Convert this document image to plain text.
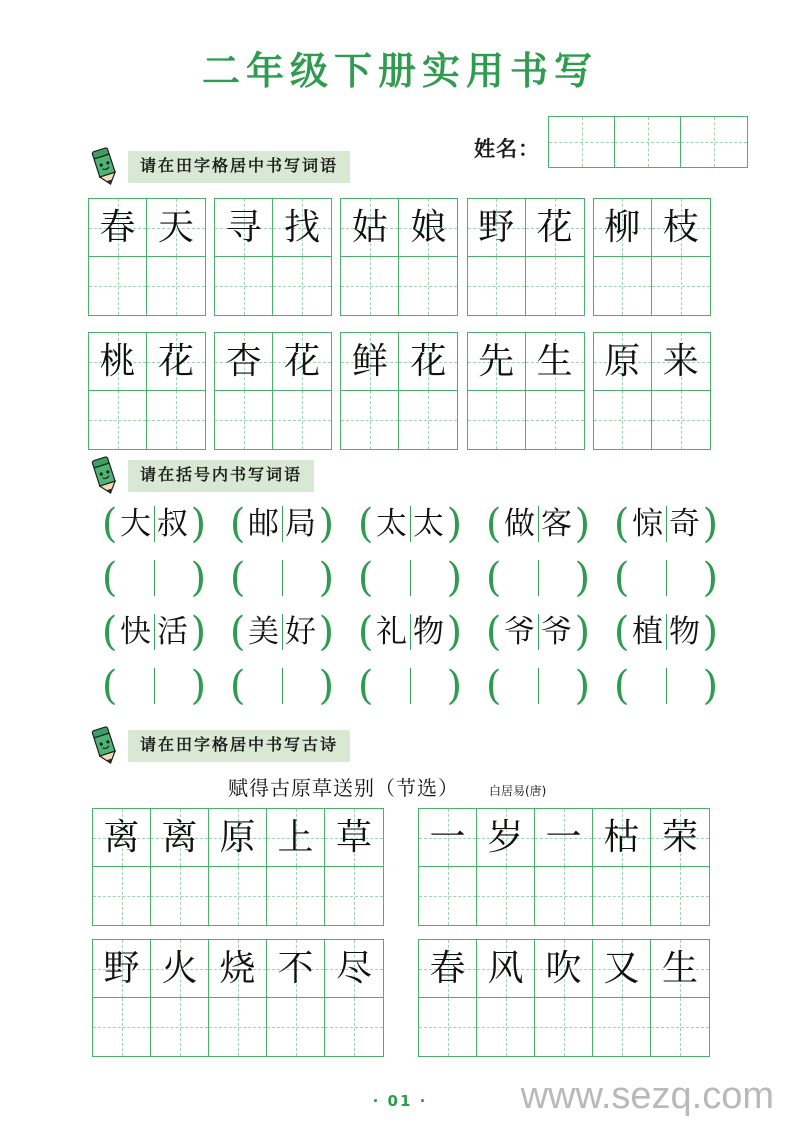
二年级下册实用书写
姓名：
请在田字格居中书写词语
春 天 寻 找 姑 娘 野 花 柳 枝
桃 花 杏 花 鲜 花 先 生 原 来
请在括号内书写词语
( 大 叔 ) ( 邮 局 ) ( 太 太 ) ( 做 客 ) ( 惊 奇 )
( ) ( ) ( ) ( ) ( )
( 快 活 ) ( 美 好 ) ( 礼 物 ) ( 爷 爷 ) ( 植 物 )
( ) ( ) ( ) ( ) ( )
请在田字格居中书写古诗
赋得古原草送别（节选）	白居易(唐)
离 离 原 上 草 一 岁 一 枯 荣
野 火 烧 不 尽 春 风 吹 又 生
· 01 ·	www.sezq.com
